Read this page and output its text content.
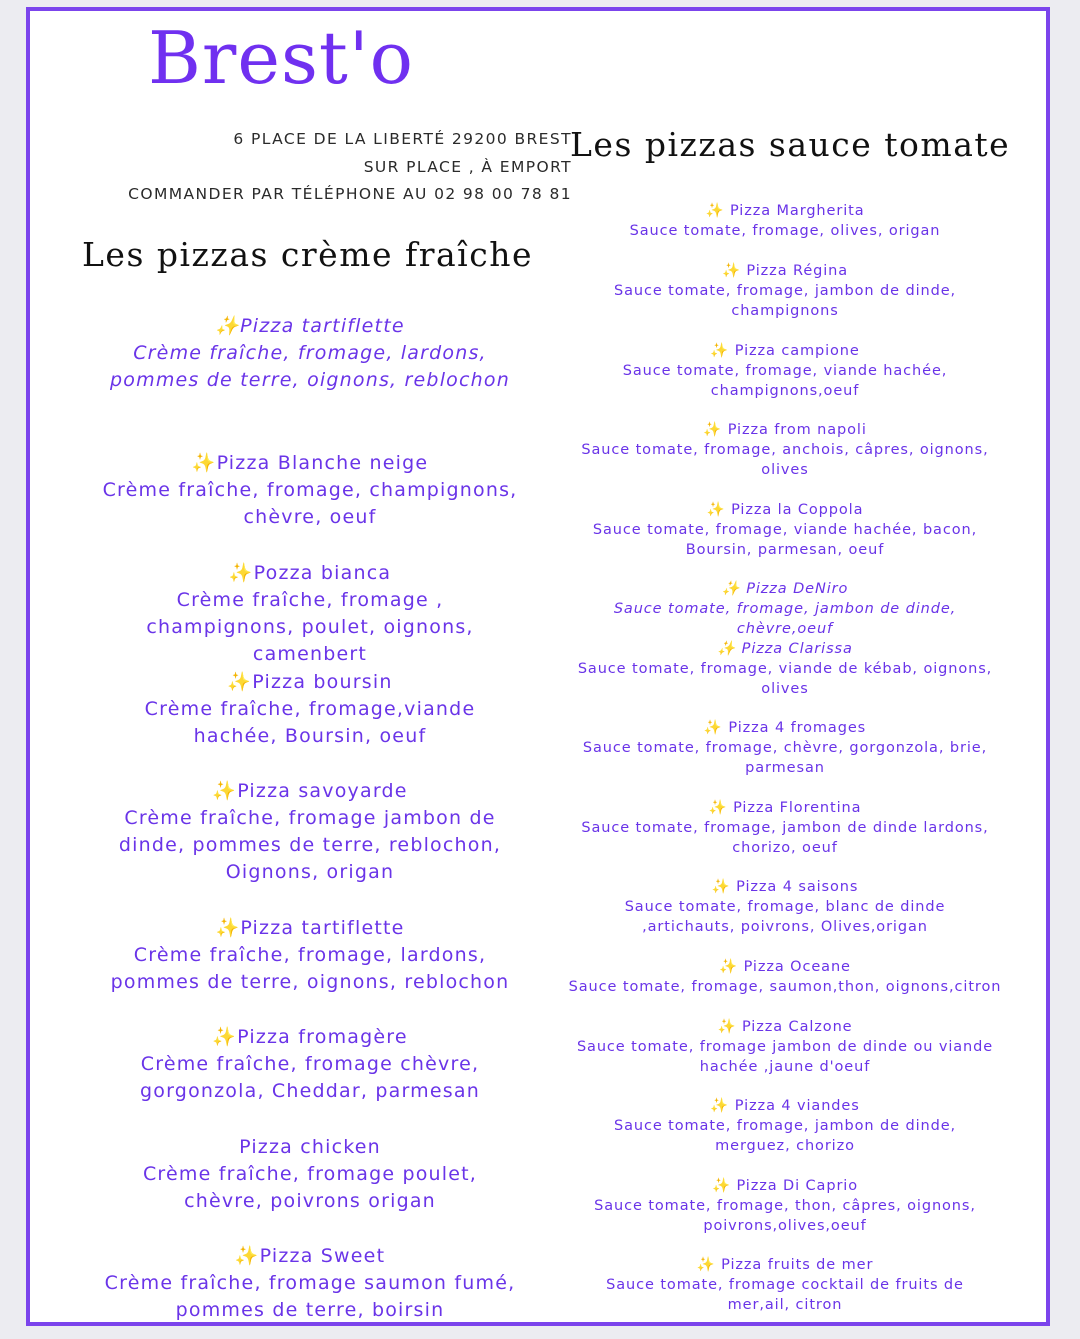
Brest'o
6 PLACE DE LA LIBERTÉ 29200 BREST
SUR PLACE , À EMPORT
COMMANDER PAR TÉLÉPHONE AU 02 98 00 78 81
Les pizzas crème fraîche
Les pizzas sauce tomate
✨Pizza tartiflette
Crème fraîche, fromage, lardons, pommes de terre, oignons, reblochon
✨Pizza Blanche neige
Crème fraîche, fromage, champignons, chèvre, oeuf
✨Pozza bianca
Crème fraîche, fromage , champignons, poulet, oignons, camenbert
✨Pizza boursin
Crème fraîche, fromage,viande hachée, Boursin, oeuf
✨Pizza savoyarde
Crème fraîche, fromage jambon de dinde, pommes de terre, reblochon, Oignons, origan
✨Pizza tartiflette
Crème fraîche, fromage, lardons, pommes de terre, oignons, reblochon
✨Pizza fromagère
Crème fraîche, fromage chèvre, gorgonzola, Cheddar, parmesan
Pizza chicken
Crème fraîche, fromage poulet, chèvre, poivrons origan
✨Pizza Sweet
Crème fraîche, fromage saumon fumé, pommes de terre, boirsin
✨ Pizza Margherita
Sauce tomate, fromage, olives, origan
✨ Pizza Régina
Sauce tomate, fromage, jambon de dinde, champignons
✨ Pizza campione
Sauce tomate, fromage, viande hachée, champignons,oeuf
✨ Pizza from napoli
Sauce tomate, fromage, anchois, câpres, oignons, olives
✨ Pizza la Coppola
Sauce tomate, fromage, viande hachée, bacon, Boursin, parmesan, oeuf
✨ Pizza DeNiro
Sauce tomate, fromage, jambon de dinde, chèvre,oeuf
✨ Pizza Clarissa
Sauce tomate, fromage, viande de kébab, oignons, olives
✨ Pizza 4 fromages
Sauce tomate, fromage, chèvre, gorgonzola, brie, parmesan
✨ Pizza Florentina
Sauce tomate, fromage, jambon de dinde lardons, chorizo, oeuf
✨ Pizza 4 saisons
Sauce tomate, fromage, blanc de dinde ,artichauts, poivrons, Olives,origan
✨ Pizza Oceane
Sauce tomate, fromage, saumon,thon, oignons,citron
✨ Pizza Calzone
Sauce tomate, fromage jambon de dinde ou viande hachée ,jaune d'oeuf
✨ Pizza 4 viandes
Sauce tomate, fromage, jambon de dinde, merguez, chorizo
✨ Pizza Di Caprio
Sauce tomate, fromage, thon, câpres, oignons, poivrons,olives,oeuf
✨ Pizza fruits de mer
Sauce tomate, fromage cocktail de fruits de mer,ail, citron
